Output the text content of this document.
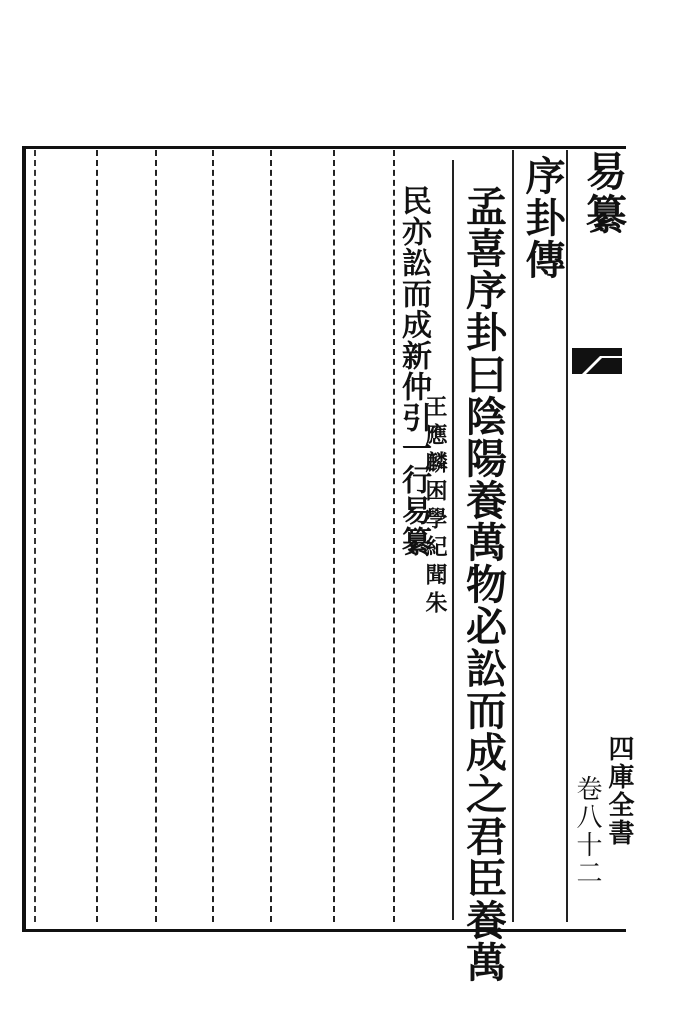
易纂
四庫全書
卷八十二
序卦傳
孟喜序卦曰陰陽養萬物必訟而成之君臣養萬
王應麟困學紀聞朱
民亦訟而成新仲引一行易纂
